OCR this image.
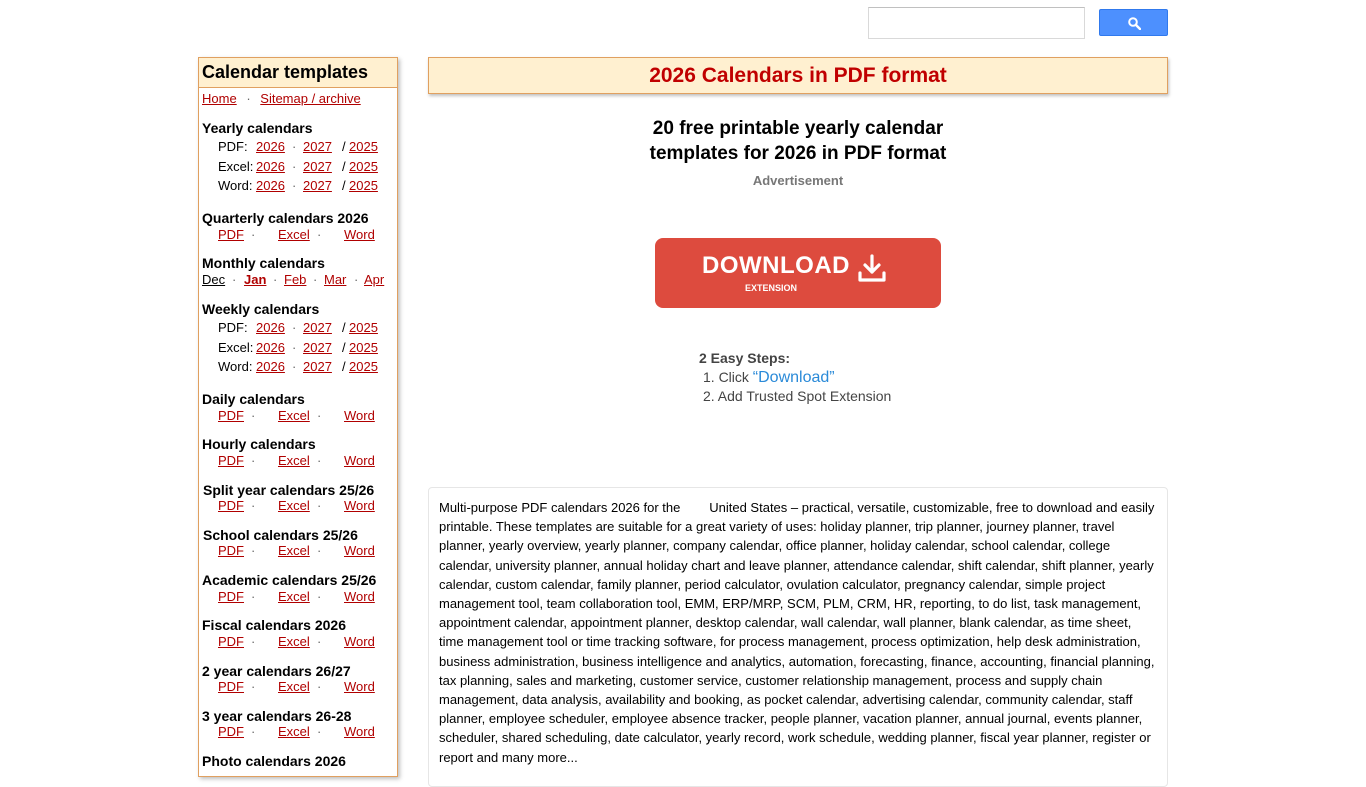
Calendar templates
Home · Sitemap / archive
Yearly calendars
PDF: 2026 · 2027 / 2025
Excel: 2026 · 2027 / 2025
Word: 2026 · 2027 / 2025
Quarterly calendars 2026
PDF · Excel · Word
Monthly calendars
Dec · Jan · Feb · Mar · Apr
Weekly calendars
PDF: 2026 · 2027 / 2025
Excel: 2026 · 2027 / 2025
Word: 2026 · 2027 / 2025
Daily calendars
PDF · Excel · Word
Hourly calendars
PDF · Excel · Word
Split year calendars 25/26
PDF · Excel · Word
School calendars 25/26
PDF · Excel · Word
Academic calendars 25/26
PDF · Excel · Word
Fiscal calendars 2026
PDF · Excel · Word
2 year calendars 26/27
PDF · Excel · Word
3 year calendars 26-28
PDF · Excel · Word
Photo calendars 2026
2026 Calendars in PDF format
20 free printable yearly calendar
templates for 2026 in PDF format
Advertisement
DOWNLOAD
EXTENSION
2 Easy Steps:
1. Click “Download”
2. Add Trusted Spot Extension

Multi-purpose PDF calendars 2026 for the        United States – practical, versatile, customizable, free to download and easily printable. These templates are suitable for a great variety of uses: holiday planner, trip planner, journey planner, travel planner, yearly overview, yearly planner, company calendar, office planner, holiday calendar, school calendar, college calendar, university planner, annual holiday chart and leave planner, attendance calendar, shift calendar, shift planner, yearly calendar, custom calendar, family planner, period calculator, ovulation calculator, pregnancy calendar, simple project management tool, team collaboration tool, EMM, ERP/MRP, SCM, PLM, CRM, HR, reporting, to do list, task management, appointment calendar, appointment planner, desktop calendar, wall calendar, wall planner, blank calendar, as time sheet, time management tool or time tracking software, for process management, process optimization, help desk administration, business administration, business intelligence and analytics, automation, forecasting, finance, accounting, financial planning, tax planning, sales and marketing, customer service, customer relationship management, process and supply chain management, data analysis, availability and booking, as pocket calendar, advertising calendar, community calendar, staff planner, employee scheduler, employee absence tracker, people planner, vacation planner, annual journal, events planner, scheduler, shared scheduling, date calculator, yearly record, work schedule, wedding planner, fiscal year planner, register or report and many more...
